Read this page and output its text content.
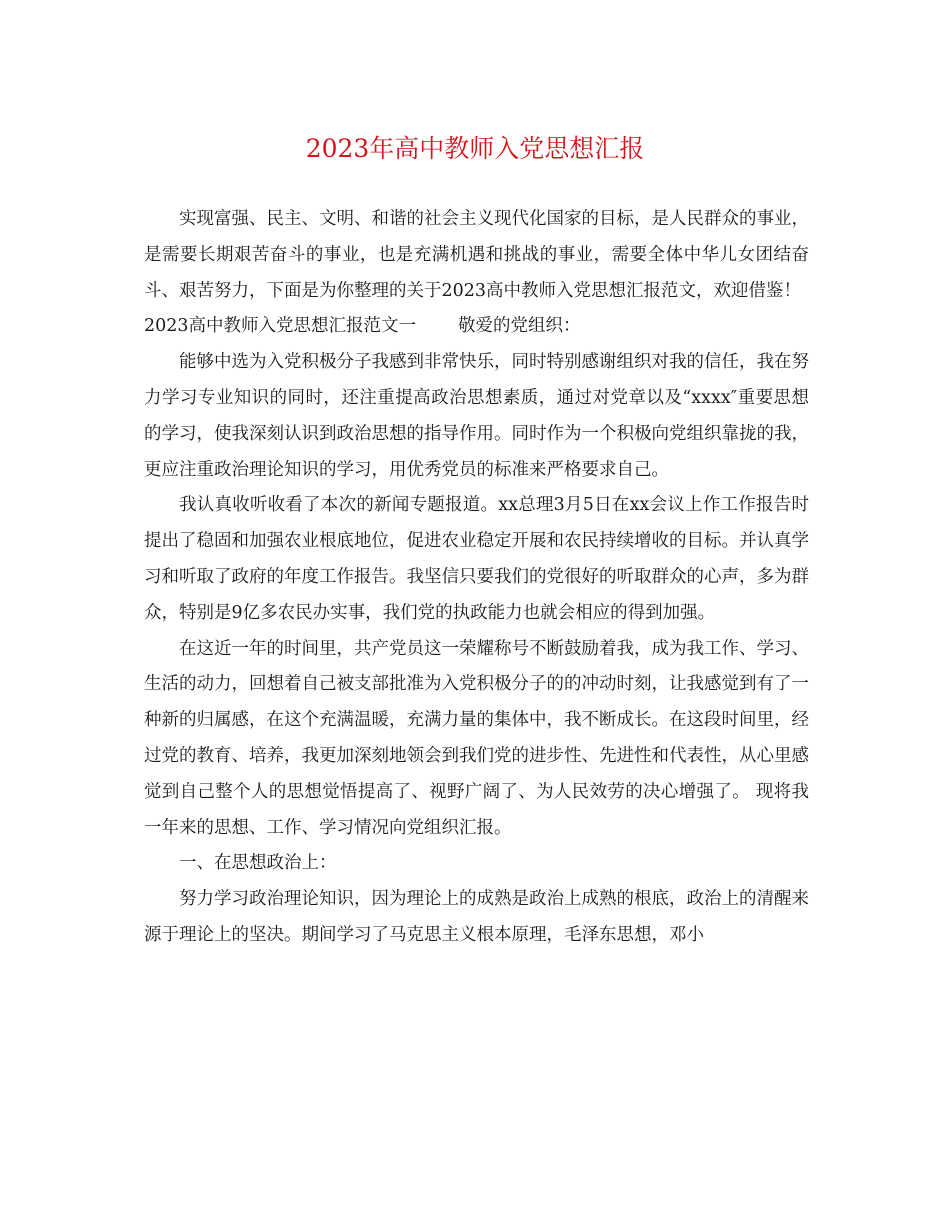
2023年高中教师入党思想汇报

实现富强、民主、文明、和谐的社会主义现代化国家的目标，是人民群众的事业，是需要长期艰苦奋斗的事业，也是充满机遇和挑战的事业，需要全体中华儿女团结奋斗、艰苦努力，下面是为你整理的关于2023高中教师入党思想汇报范文，欢迎借鉴！

2023高中教师入党思想汇报范文一 敬爱的党组织：

能够中选为入党积极分子我感到非常快乐，同时特别感谢组织对我的信任，我在努力学习专业知识的同时，还注重提高政治思想素质，通过对党章以及“xxxx″重要思想的学习，使我深刻认识到政治思想的指导作用。同时作为一个积极向党组织靠拢的我，更应注重政治理论知识的学习，用优秀党员的标准来严格要求自己。

我认真收听收看了本次的新闻专题报道。xx总理3月5日在xx会议上作工作报告时提出了稳固和加强农业根底地位，促进农业稳定开展和农民持续增收的目标。并认真学习和听取了政府的年度工作报告。我坚信只要我们的党很好的听取群众的心声，多为群众，特别是9亿多农民办实事，我们党的执政能力也就会相应的得到加强。

在这近一年的时间里，共产党员这一荣耀称号不断鼓励着我，成为我工作、学习、生活的动力，回想着自己被支部批准为入党积极分子的的冲动时刻，让我感觉到有了一种新的归属感，在这个充满温暖，充满力量的集体中，我不断成长。在这段时间里，经过党的教育、培养，我更加深刻地领会到我们党的进步性、先进性和代表性，从心里感觉到自己整个人的思想觉悟提高了、视野广阔了、为人民效劳的决心增强了。 现将我一年来的思想、工作、学习情况向党组织汇报。

一、在思想政治上：

努力学习政治理论知识，因为理论上的成熟是政治上成熟的根底，政治上的清醒来源于理论上的坚决。期间学习了马克思主义根本原理，毛泽东思想，邓小
